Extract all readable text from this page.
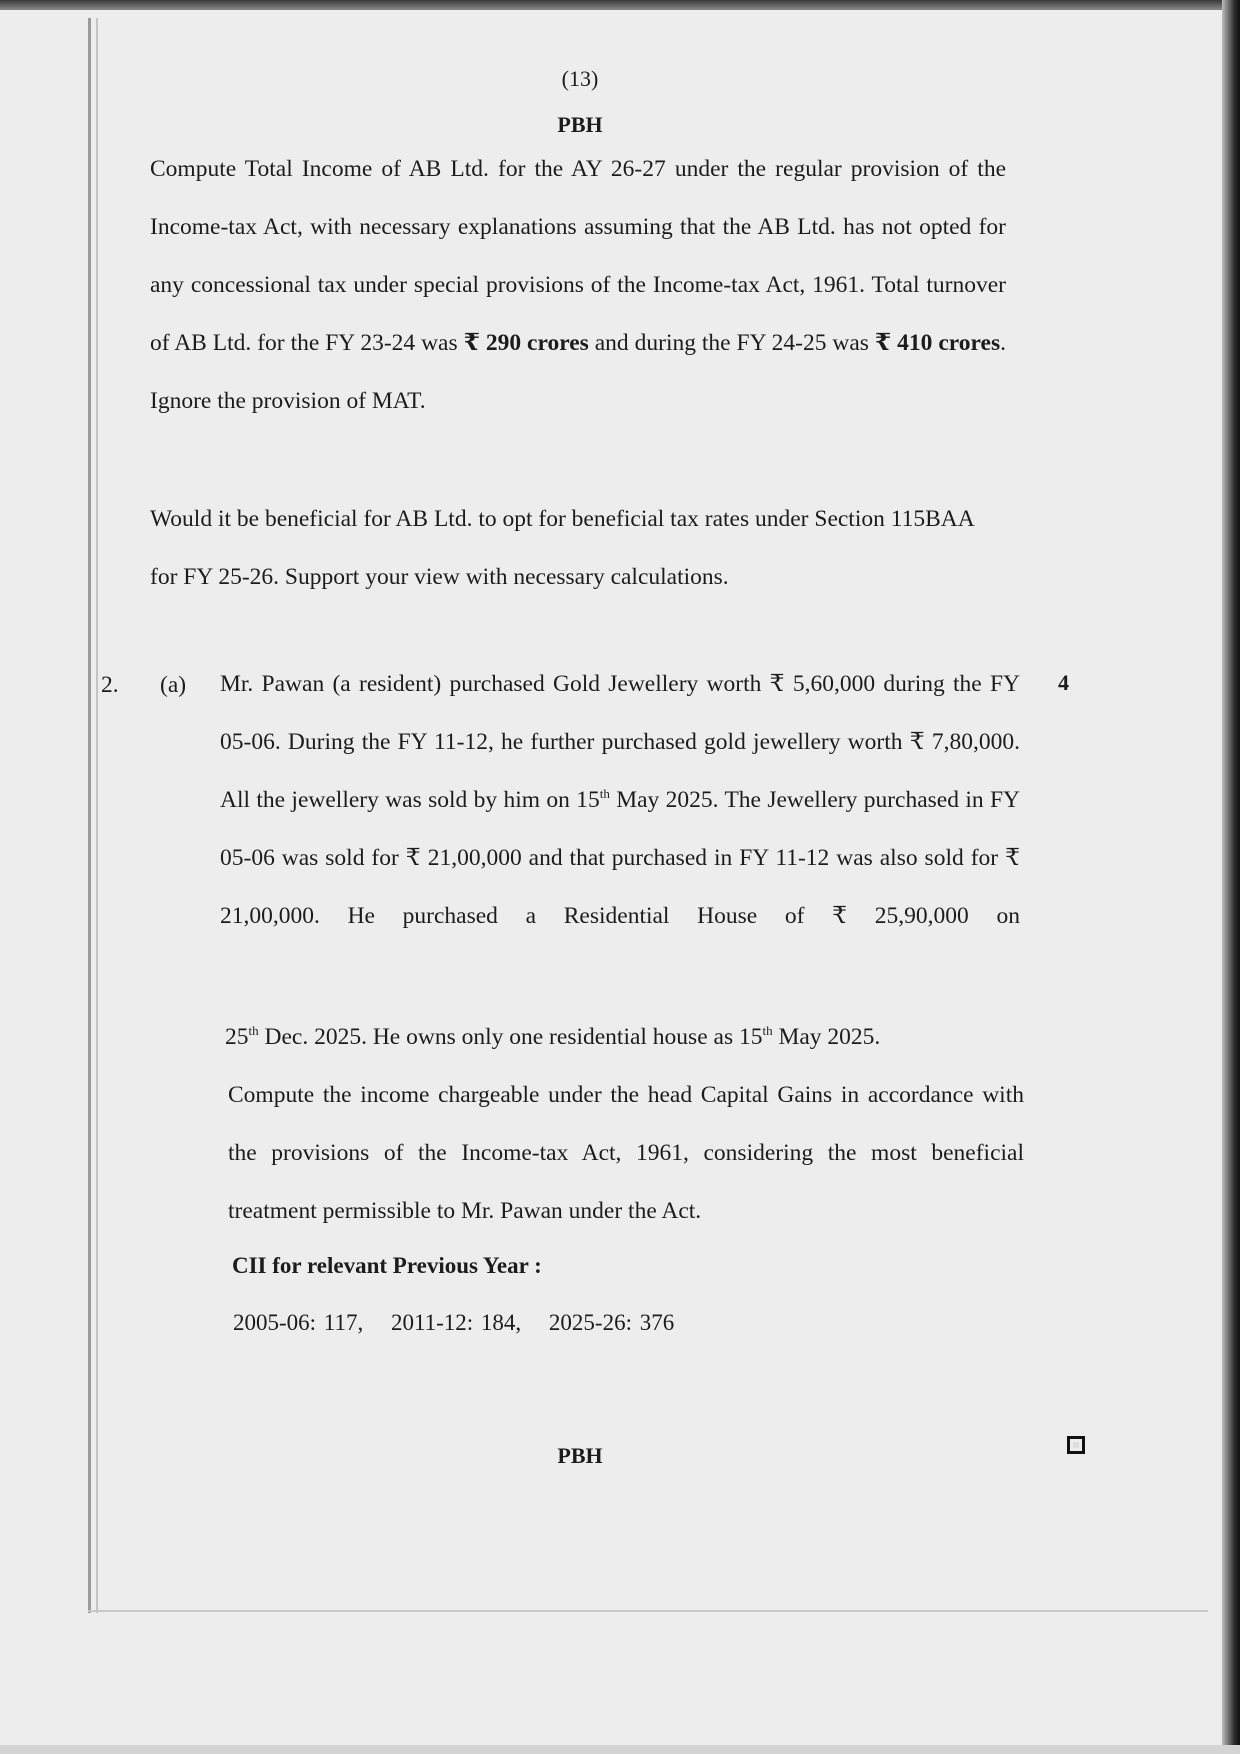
(13)
PBH

Compute Total Income of AB Ltd. for the AY 26-27 under the regular provision of the Income-tax Act, with necessary explanations assuming that the AB Ltd. has not opted for any concessional tax under special provisions of the Income-tax Act, 1961. Total turnover of AB Ltd. for the FY 23-24 was ₹ 290 crores and during the FY 24-25 was ₹ 410 crores. Ignore the provision of MAT.

Would it be beneficial for AB Ltd. to opt for beneficial tax rates under Section 115BAA for FY 25-26. Support your view with necessary calculations.

2. (a)	4

Mr. Pawan (a resident) purchased Gold Jewellery worth ₹ 5,60,000 during the FY 05-06. During the FY 11-12, he further purchased gold jewellery worth ₹ 7,80,000. All the jewellery was sold by him on 15th May 2025. The Jewellery purchased in FY 05-06 was sold for ₹ 21,00,000 and that purchased in FY 11-12 was also sold for ₹ 21,00,000. He purchased a Residential House of ₹ 25,90,000 on

25th Dec. 2025. He owns only one residential house as 15th May 2025.

Compute the income chargeable under the head Capital Gains in accordance with the provisions of the Income-tax Act, 1961, considering the most beneficial treatment permissible to Mr. Pawan under the Act.

CII for relevant Previous Year :
2005-06: 117, 2011-12: 184, 2025-26: 376
PBH
